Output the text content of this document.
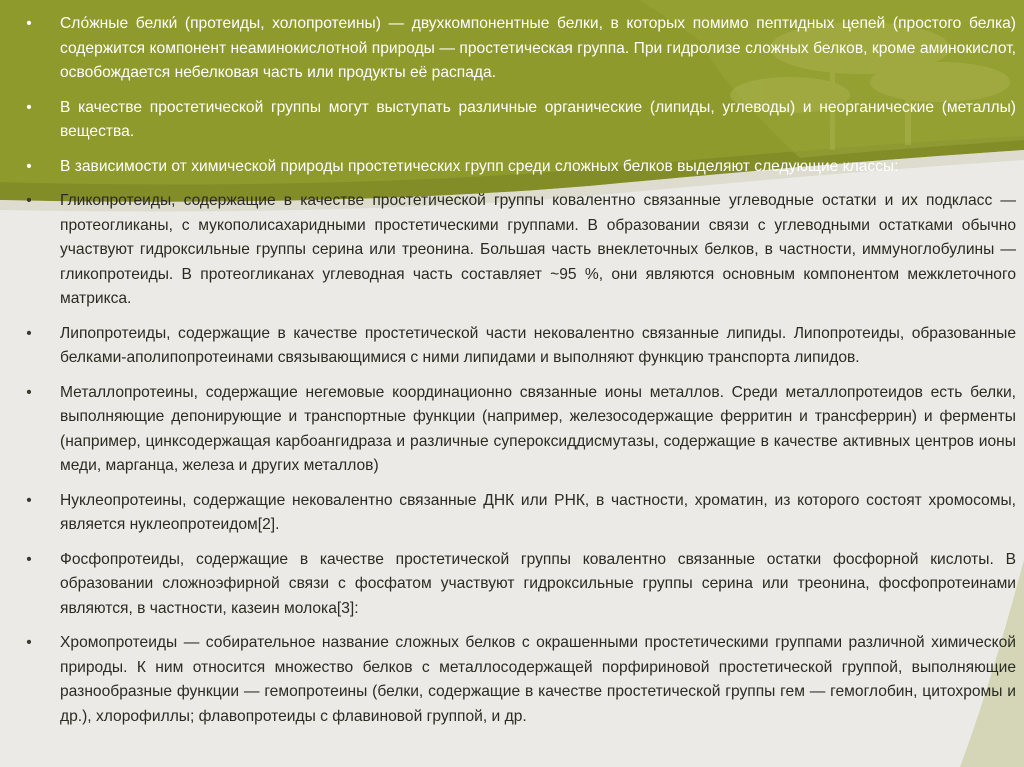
• Сло́жные белки́ (протеиды, холопротеины) — двухкомпонентные белки, в которых помимо пептидных цепей (простого белка) содержится компонент неаминокислотной природы — простетическая группа. При гидролизе сложных белков, кроме аминокислот, освобождается небелковая часть или продукты её распада.
• В качестве простетической группы могут выступать различные органические (липиды, углеводы) и неорганические (металлы) вещества.
• В зависимости от химической природы простетических групп среди сложных белков выделяют следующие классы:
• Гликопротеиды, содержащие в качестве простетической группы ковалентно связанные углеводные остатки и их подкласс — протеогликаны, с мукополисахаридными простетическими группами. В образовании связи с углеводными остатками обычно участвуют гидроксильные группы серина или треонина. Большая часть внеклеточных белков, в частности, иммуноглобулины — гликопротеиды. В протеогликанах углеводная часть составляет ~95 %, они являются основным компонентом межклеточного матрикса.
• Липопротеиды, содержащие в качестве простетической части нековалентно связанные липиды. Липопротеиды, образованные белками-аполипопротеинами связывающимися с ними липидами и выполняют функцию транспорта липидов.
• Металлопротеины, содержащие негемовые координационно связанные ионы металлов. Среди металлопротеидов есть белки, выполняющие депонирующие и транспортные функции (например, железосодержащие ферритин и трансферрин) и ферменты (например, цинксодержащая карбоангидраза и различные супероксиддисмутазы, содержащие в качестве активных центров ионы меди, марганца, железа и других металлов)
• Нуклеопротеины, содержащие нековалентно связанные ДНК или РНК, в частности, хроматин, из которого состоят хромосомы, является нуклеопротеидом[2].
• Фосфопротеиды, содержащие в качестве простетической группы ковалентно связанные остатки фосфорной кислоты. В образовании сложноэфирной связи с фосфатом участвуют гидроксильные группы серина или треонина, фосфопротеинами являются, в частности, казеин молока[3]:
• Хромопротеиды — собирательное название сложных белков с окрашенными простетическими группами различной химической природы. К ним относится множество белков с металлосодержащей порфириновой простетической группой, выполняющие разнообразные функции — гемопротеины (белки, содержащие в качестве простетической группы гем — гемоглобин, цитохромы и др.), хлорофиллы; флавопротеиды с флавиновой группой, и др.
